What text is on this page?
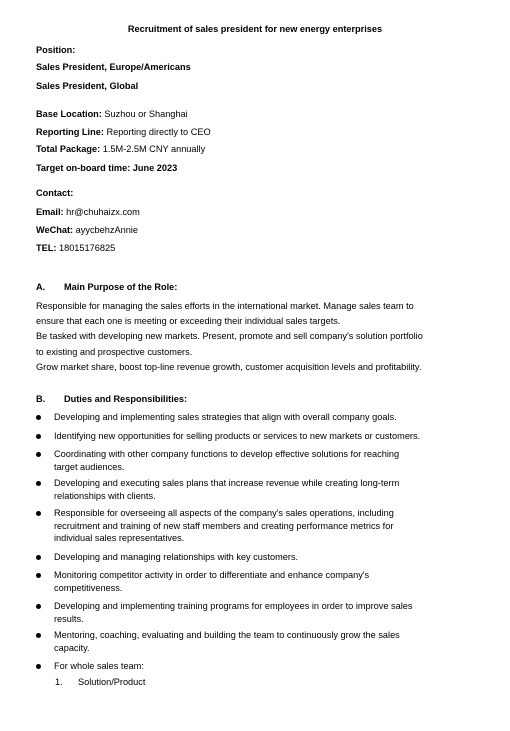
Recruitment of sales president for new energy enterprises
Position:
Sales President, Europe/Americans
Sales President, Global
Base Location: Suzhou or Shanghai
Reporting Line: Reporting directly to CEO
Total Package: 1.5M-2.5M CNY annually
Target on-board time: June 2023
Contact:
Email: hr@chuhaizx.com
WeChat: ayycbehzAnnie
TEL: 18015176825
A. Main Purpose of the Role:
Responsible for managing the sales efforts in the international market. Manage sales team to
ensure that each one is meeting or exceeding their individual sales targets.
Be tasked with developing new markets. Present, promote and sell company's solution portfolio
to existing and prospective customers.
Grow market share, boost top-line revenue growth, customer acquisition levels and profitability.
B. Duties and Responsibilities:
Developing and implementing sales strategies that align with overall company goals.
Identifying new opportunities for selling products or services to new markets or customers.
Coordinating with other company functions to develop effective solutions for reaching
target audiences.
Developing and executing sales plans that increase revenue while creating long-term
relationships with clients.
Responsible for overseeing all aspects of the company's sales operations, including
recruitment and training of new staff members and creating performance metrics for
individual sales representatives.
Developing and managing relationships with key customers.
Monitoring competitor activity in order to differentiate and enhance company's
competitiveness.
Developing and implementing training programs for employees in order to improve sales
results.
Mentoring, coaching, evaluating and building the team to continuously grow the sales
capacity.
For whole sales team:
1. Solution/Product
